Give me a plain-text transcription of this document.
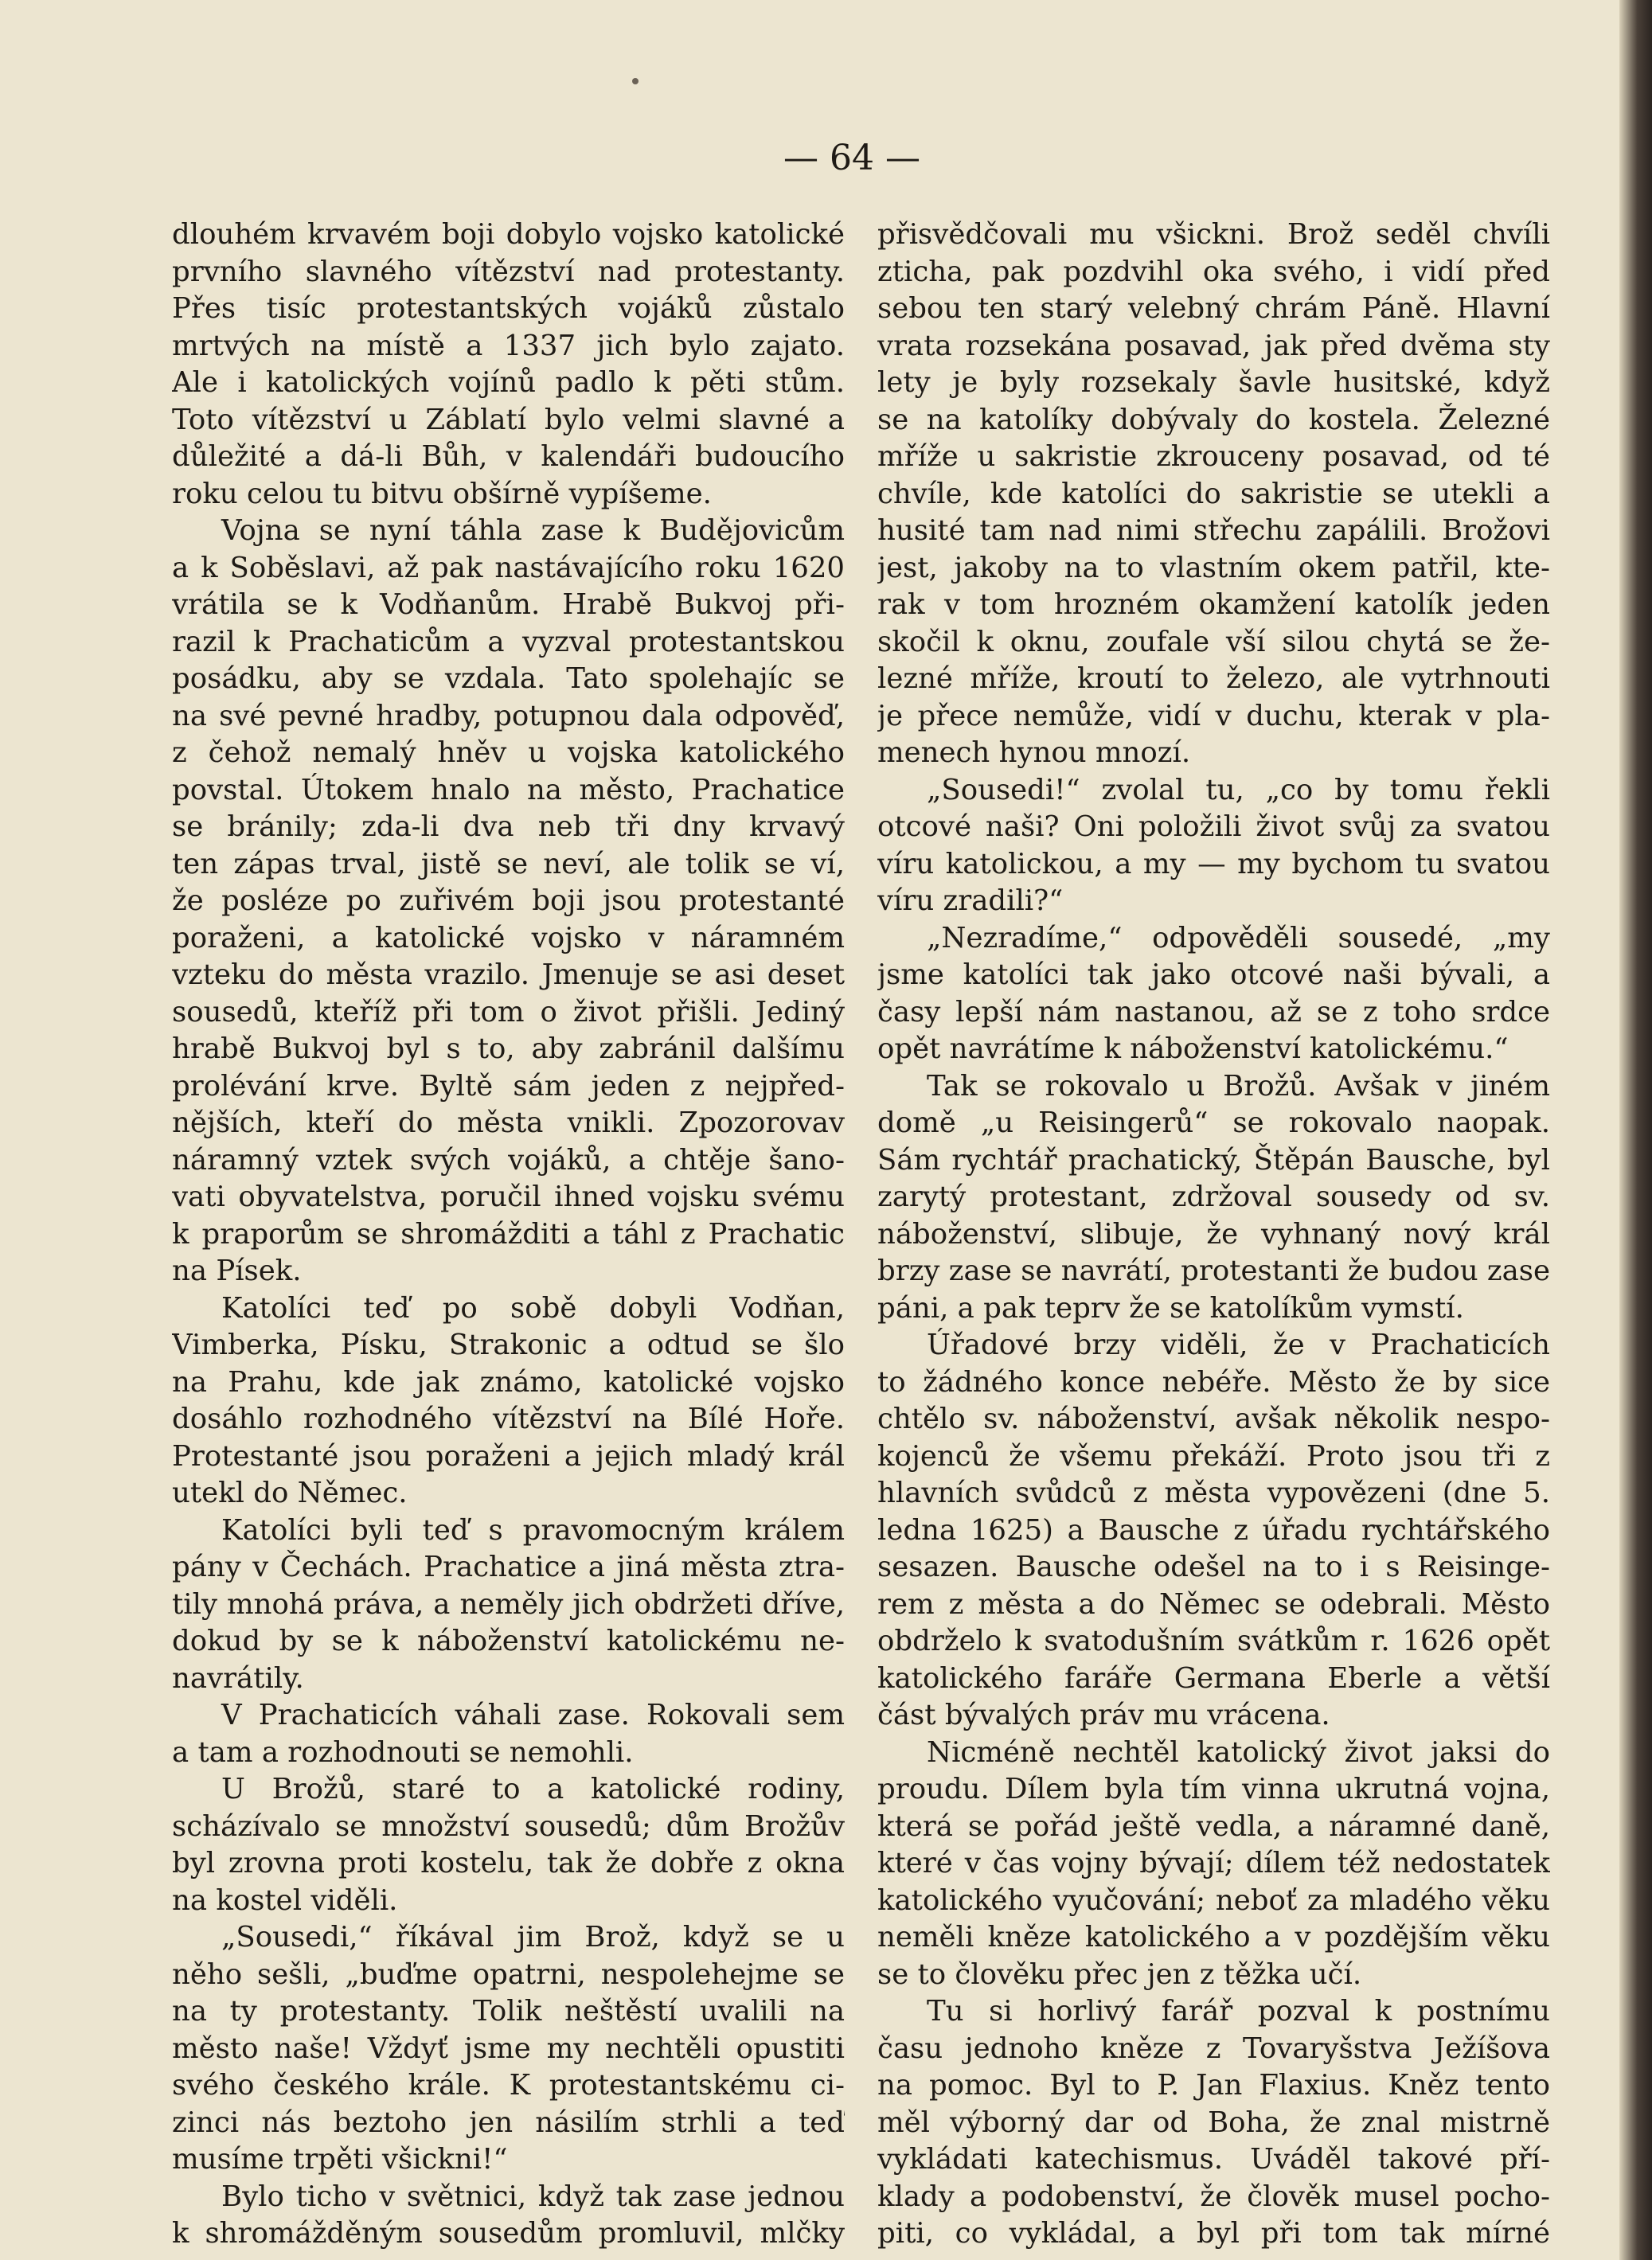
— 64 —
dlouhém krvavém boji dobylo vojsko katolické
prvního slavného vítězství nad protestanty.
Přes tisíc protestantských vojáků zůstalo
mrtvých na místě a 1337 jich bylo zajato.
Ale i katolických vojínů padlo k pěti stům.
Toto vítězství u Záblatí bylo velmi slavné a
důležité a dá-li Bůh, v kalendáři budoucího
roku celou tu bitvu obšírně vypíšeme.
Vojna se nyní táhla zase k Budějovicům
a k Soběslavi, až pak nastávajícího roku 1620
vrátila se k Vodňanům. Hrabě Bukvoj při-
razil k Prachaticům a vyzval protestantskou
posádku, aby se vzdala. Tato spolehajíc se
na své pevné hradby, potupnou dala odpověď,
z čehož nemalý hněv u vojska katolického
povstal. Útokem hnalo na město, Prachatice
se bránily; zda-li dva neb tři dny krvavý
ten zápas trval, jistě se neví, ale tolik se ví,
že posléze po zuřivém boji jsou protestanté
poraženi, a katolické vojsko v náramném
vzteku do města vrazilo. Jmenuje se asi deset
sousedů, kteříž při tom o život přišli. Jediný
hrabě Bukvoj byl s to, aby zabránil dalšímu
prolévání krve. Byltě sám jeden z nejpřed-
nějších, kteří do města vnikli. Zpozorovav
náramný vztek svých vojáků, a chtěje šano-
vati obyvatelstva, poručil ihned vojsku svému
k praporům se shromážditi a táhl z Prachatic
na Písek.
Katolíci teď po sobě dobyli Vodňan,
Vimberka, Písku, Strakonic a odtud se šlo
na Prahu, kde jak známo, katolické vojsko
dosáhlo rozhodného vítězství na Bílé Hoře.
Protestanté jsou poraženi a jejich mladý král
utekl do Němec.
Katolíci byli teď s pravomocným králem
pány v Čechách. Prachatice a jiná města ztra-
tily mnohá práva, a neměly jich obdržeti dříve,
dokud by se k náboženství katolickému ne-
navrátily.
V Prachaticích váhali zase. Rokovali sem
a tam a rozhodnouti se nemohli.
U Brožů, staré to a katolické rodiny,
scházívalo se množství sousedů; dům Brožův
byl zrovna proti kostelu, tak že dobře z okna
na kostel viděli.
„Sousedi,“ říkával jim Brož, když se u
něho sešli, „buďme opatrni, nespolehejme se
na ty protestanty. Tolik neštěstí uvalili na
město naše! Vždyť jsme my nechtěli opustiti
svého českého krále. K protestantskému ci-
zinci nás beztoho jen násilím strhli a teď
musíme trpěti všickni!“
Bylo ticho v světnici, když tak zase jednou
k shromážděným sousedům promluvil, mlčky
přisvědčovali mu všickni. Brož seděl chvíli
zticha, pak pozdvihl oka svého, i vidí před
sebou ten starý velebný chrám Páně. Hlavní
vrata rozsekána posavad, jak před dvěma sty
lety je byly rozsekaly šavle husitské, když
se na katolíky dobývaly do kostela. Železné
mříže u sakristie zkrouceny posavad, od té
chvíle, kde katolíci do sakristie se utekli a
husité tam nad nimi střechu zapálili. Brožovi
jest, jakoby na to vlastním okem patřil, kte-
rak v tom hrozném okamžení katolík jeden
skočil k oknu, zoufale vší silou chytá se že-
lezné mříže, kroutí to železo, ale vytrhnouti
je přece nemůže, vidí v duchu, kterak v pla-
menech hynou mnozí.
„Sousedi!“ zvolal tu, „co by tomu řekli
otcové naši? Oni položili život svůj za svatou
víru katolickou, a my — my bychom tu svatou
víru zradili?“
„Nezradíme,“ odpověděli sousedé, „my
jsme katolíci tak jako otcové naši bývali, a
časy lepší nám nastanou, až se z toho srdce
opět navrátíme k náboženství katolickému.“
Tak se rokovalo u Brožů. Avšak v jiném
domě „u Reisingerů“ se rokovalo naopak.
Sám rychtář prachatický, Štěpán Bausche, byl
zarytý protestant, zdržoval sousedy od sv.
náboženství, slibuje, že vyhnaný nový král
brzy zase se navrátí, protestanti že budou zase
páni, a pak teprv že se katolíkům vymstí.
Úřadové brzy viděli, že v Prachaticích
to žádného konce nebéře. Město že by sice
chtělo sv. náboženství, avšak několik nespo-
kojenců že všemu překáží. Proto jsou tři z
hlavních svůdců z města vypovězeni (dne 5.
ledna 1625) a Bausche z úřadu rychtářského
sesazen. Bausche odešel na to i s Reisinge-
rem z města a do Němec se odebrali. Město
obdrželo k svatodušním svátkům r. 1626 opět
katolického faráře Germana Eberle a větší
část bývalých práv mu vrácena.
Nicméně nechtěl katolický život jaksi do
proudu. Dílem byla tím vinna ukrutná vojna,
která se pořád ještě vedla, a náramné daně,
které v čas vojny bývají; dílem též nedostatek
katolického vyučování; neboť za mladého věku
neměli kněze katolického a v pozdějším věku
se to člověku přec jen z těžka učí.
Tu si horlivý farář pozval k postnímu
času jednoho kněze z Tovaryšstva Ježíšova
na pomoc. Byl to P. Jan Flaxius. Kněz tento
měl výborný dar od Boha, že znal mistrně
vykládati katechismus. Uváděl takové pří-
klady a podobenství, že člověk musel pocho-
piti, co vykládal, a byl při tom tak mírné
